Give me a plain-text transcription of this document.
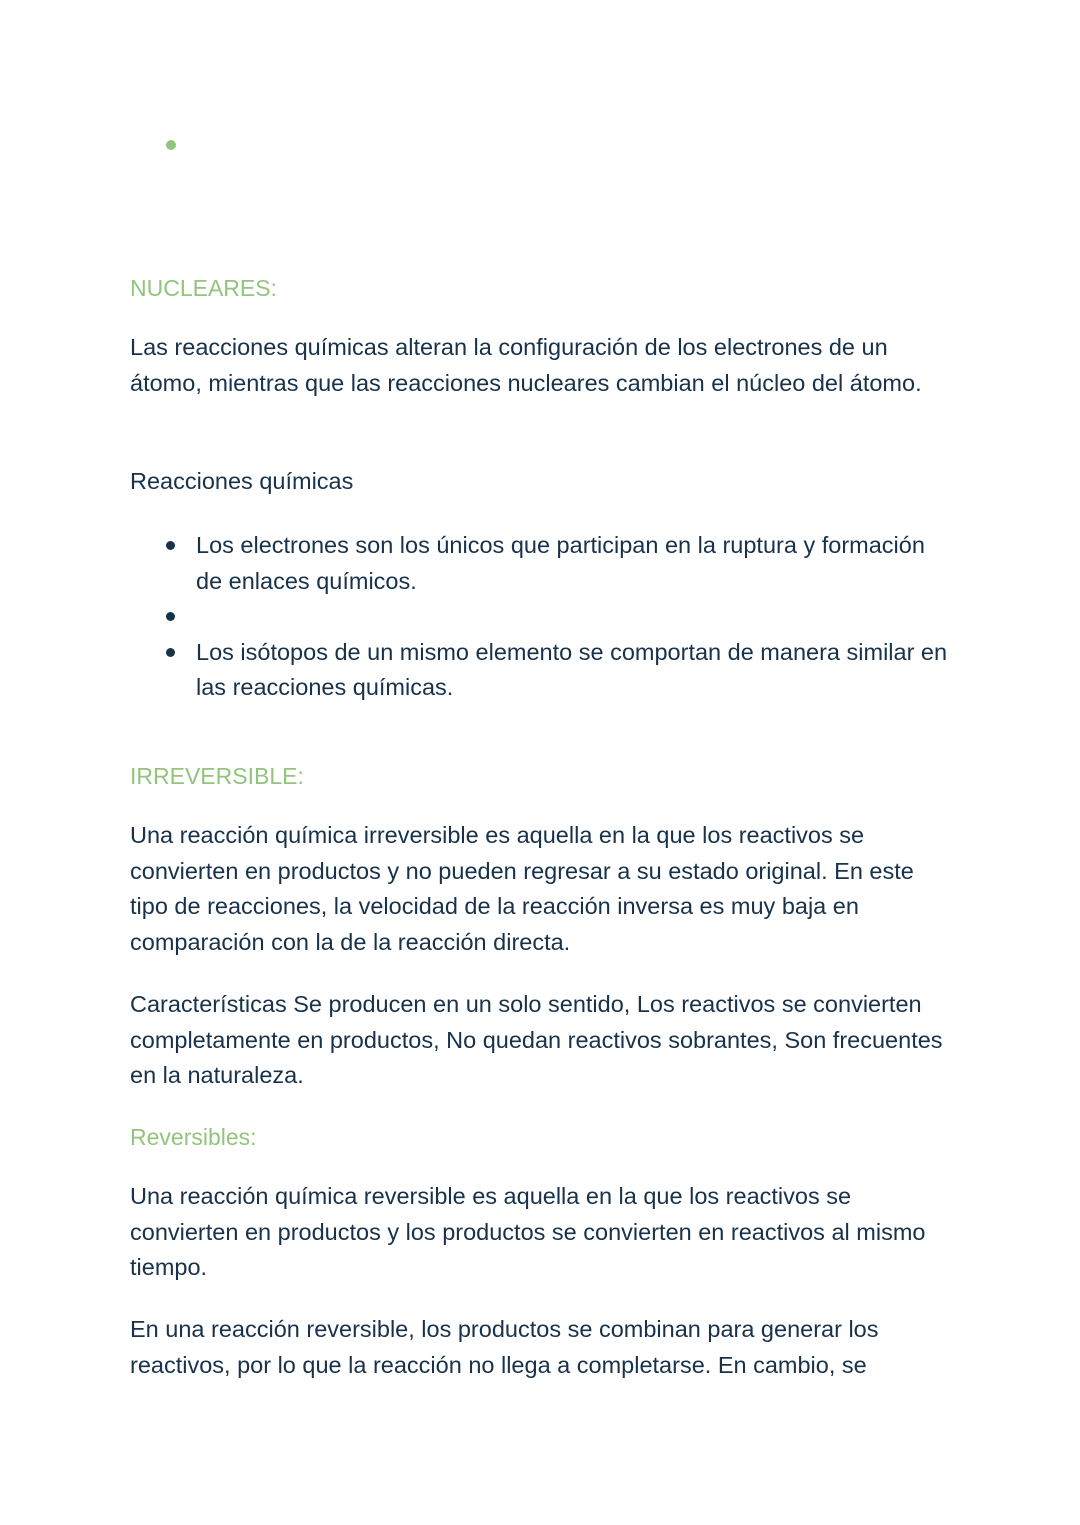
NUCLEARES:

Las reacciones químicas alteran la configuración de los electrones de un átomo, mientras que las reacciones nucleares cambian el núcleo del átomo.

Reacciones químicas

Los electrones son los únicos que participan en la ruptura y formación de enlaces químicos.
Los isótopos de un mismo elemento se comportan de manera similar en las reacciones químicas.
IRREVERSIBLE:

Una reacción química irreversible es aquella en la que los reactivos se convierten en productos y no pueden regresar a su estado original. En este tipo de reacciones, la velocidad de la reacción inversa es muy baja en comparación con la de la reacción directa.

Características Se producen en un solo sentido, Los reactivos se convierten completamente en productos, No quedan reactivos sobrantes, Son frecuentes en la naturaleza.

Reversibles:

Una reacción química reversible es aquella en la que los reactivos se convierten en productos y los productos se convierten en reactivos al mismo tiempo.

En una reacción reversible, los productos se combinan para generar los reactivos, por lo que la reacción no llega a completarse. En cambio, se
